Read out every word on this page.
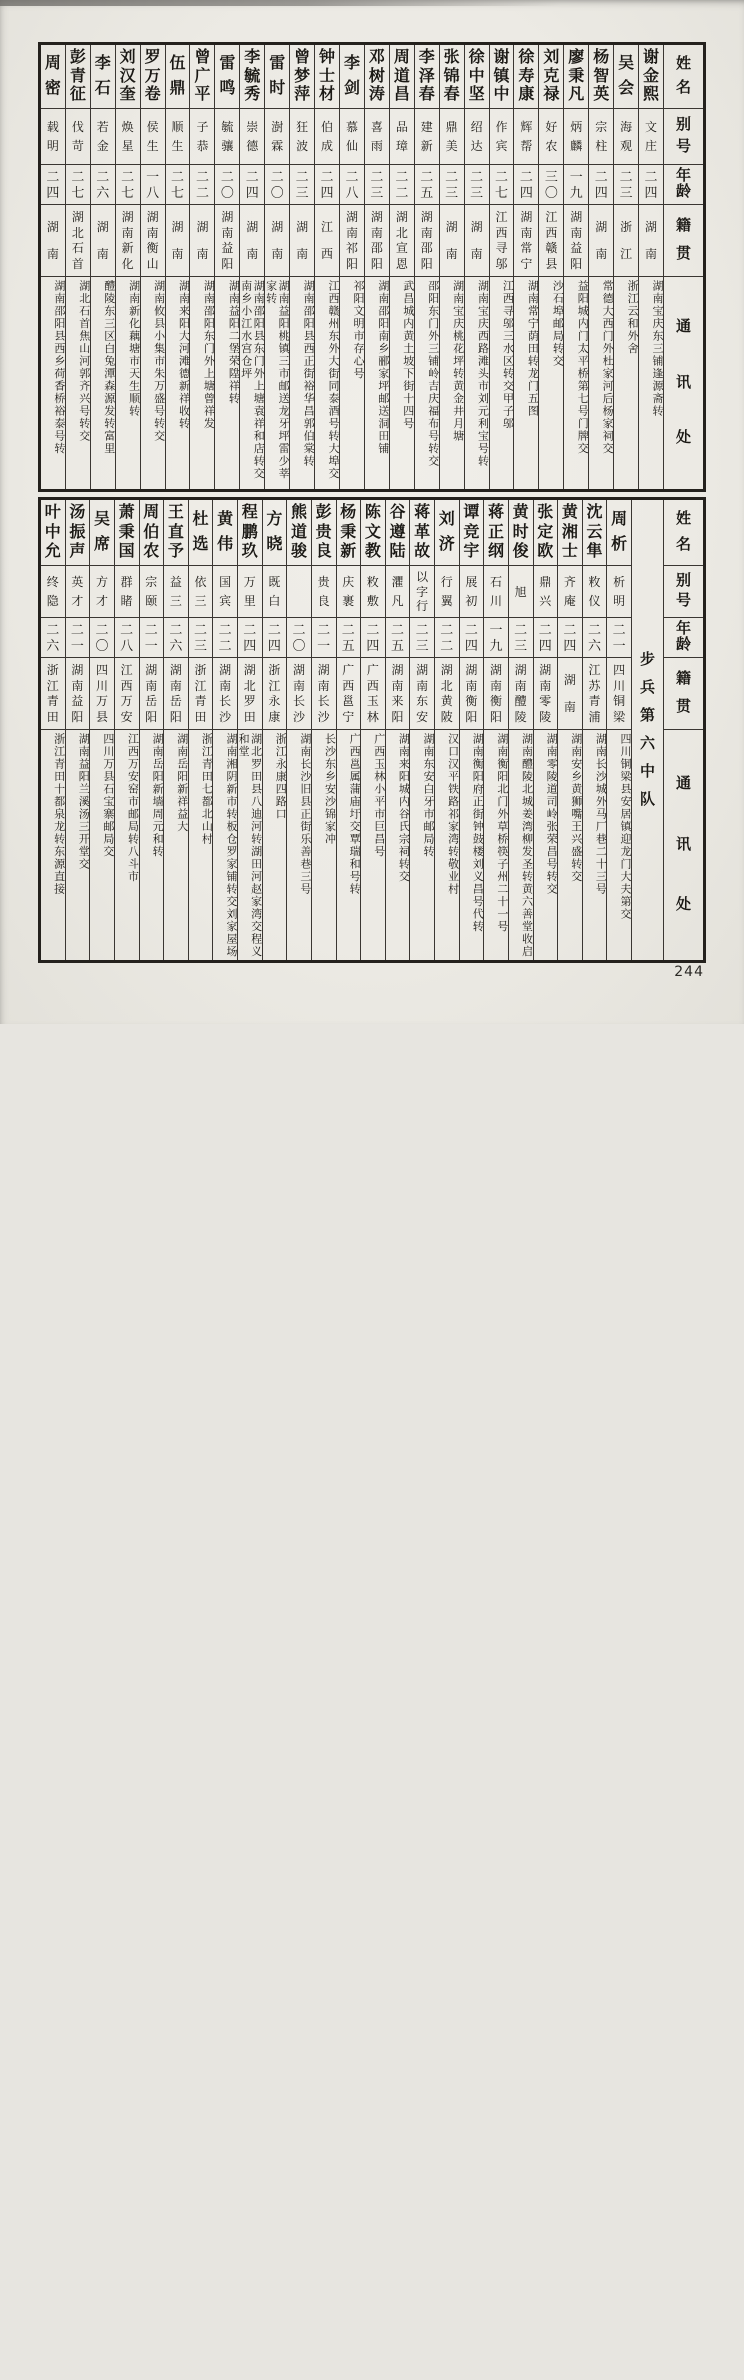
姓
名
别
号
年
龄
籍
贯
通
讯
处
谢
金
熙
文
庄
二
四
湖
南
湖南宝庆东三铺逢源斋转
吴
会
海
观
二
三
浙
江
浙江云和外舍
杨
智
英
宗
柱
二
四
湖
南
常德大西门外杜家河后杨家祠交
廖
秉
凡
炳
麟
一
九
湖
南
益
阳
益阳城内门太平桥第七号门牌交
刘
克
禄
好
农
三
〇
江
西
赣
县
沙石埠邮局转交
徐
寿
康
辉
帮
二
四
湖
南
常
宁
湖南常宁荫田转龙门五图
谢
镇
中
作
宾
二
七
江
西
寻
邬
江西寻邬三水区转交甲子邬
徐
中
坚
绍
达
二
三
湖
南
湖南宝庆西路滩头市刘元利宝号转
张
锦
春
鼎
美
二
三
湖
南
湖南宝庆桃花坪转黄金井月塘
李
泽
春
建
新
二
五
湖
南
邵
阳
邵阳东门外三铺岭吉庆福布号转交
周
道
昌
品
璋
二
二
湖
北
宣
恩
武昌城内黄土坡下街十四号
邓
树
涛
喜
雨
二
三
湖
南
邵
阳
湖南邵阳南乡郦家坪邮送洞田铺
李
剑
慕
仙
二
八
湖
南
祁
阳
祁阳文明市存心号
钟
士
材
伯
成
二
四
江
西
江西赣州东外大街同泰酒号转大埠交
曾
梦
萍
狂
波
二
三
湖
南
湖南邵阳县西正街裕华昌郭伯棠转
雷
时
澍
霖
二
〇
湖
南
湖南益阳桃镇三市邮送龙牙坪雷少莘家转
李
毓
秀
崇
德
二
四
湖
南
湖南邵阳县东门外上塘袁祥和店转交 南乡小江水宫仓坪
雷
鸣
毓
骧
二
〇
湖
南
益
阳
湖南益阳二堡荣陞祥转
曾
广
平
子
恭
二
二
湖
南
湖南邵阳东门外上塘曾祥发
伍
鼎
顺
生
二
七
湖
南
湖南来阳大河滩德新祥收转
罗
万
卷
侯
生
一
八
湖
南
衡
山
湖南攸县小集市朱万盛号转交
刘
汉
奎
焕
星
二
七
湖
南
新
化
湖南新化藕塘市天生顺转
李
石
若
金
二
六
湖
南
醴陵东三区白兔潭森源发转富里
彭
青
征
伐
苛
二
七
湖
北
石
首
湖北石首焦山河郭齐兴号转交
周
密
载
明
二
四
湖
南
湖南邵阳县西乡荷香桥裕泰号转
姓
名
别
号
年
龄
籍
贯
通
讯
处
步
兵
第
六
中
队
周
析
析
明
二
一
四
川
铜
梁
四川铜梁县安居镇迎龙门大夫第交
沈
云
隼
敉
仪
二
六
江
苏
青
浦
湖南长沙城外马厂巷二十三号
黄
湘
士
齐
庵
二
四
湖
南
湖南安乡黄狮嘴王兴盛转交
张
定
欧
鼎
兴
二
四
湖
南
零
陵
湖南零陵道司岭张荣昌号转交
黄
时
俊
旭
二
三
湖
南
醴
陵
湖南醴陵北城姜湾柳发圣转黄六善堂收启
蒋
正
纲
石
川
一
九
湖
南
衡
阳
湖南衡阳北门外草桥筷子州二十一号
谭
竞
宇
展
初
二
四
湖
南
衡
阳
湖南衡阳府正街钟鼓楼刘义昌号代转
刘
济
行
翼
二
二
湖
北
黄
陂
汉口汉平铁路祁家湾转敬业村
蒋
革
故
以
字
行
二
三
湖
南
东
安
湖南东安白牙市邮局转
谷
遵
陆
灈
凡
二
五
湖
南
来
阳
湖南来阳城内谷氏宗祠转交
陈
文
教
敉
敷
二
四
广
西
玉
林
广西玉林小平市巨昌号
杨
秉
新
庆
裹
二
五
广
西
邕
宁
广西邕属蒲庙圩交覃瑞和号转
彭
贵
良
贵
良
二
一
湖
南
长
沙
长沙东乡安沙锦家冲
熊
道
骏
二
〇
湖
南
长
沙
湖南长沙旧县正街乐善巷三号
方
晓
既
白
二
四
浙
江
永
康
浙江永康四路口
程
鹏
玖
万
里
二
四
湖
北
罗
田
湖北罗田县八迪河转湖田河赵家湾交程义和堂
黄
伟
国
宾
二
二
湖
南
长
沙
湖南湘阴新市转板仓罗家铺转交刘家屋场
杜
选
依
三
二
三
浙
江
青
田
浙江青田七都北山村
王
直
予
益
三
二
六
湖
南
岳
阳
湖南岳阳新祥益大
周
伯
农
宗
颐
二
一
湖
南
岳
阳
湖南岳阳新墙周元和转
萧
秉
国
群
睹
二
八
江
西
万
安
江西万安窑市邮局转八斗市
吴
席
方
才
二
〇
四
川
万
县
四川万县石宝寨邮局交
汤
振
声
英
才
二
一
湖
南
益
阳
湖南益阳兰溪汤三开堂交
叶
中
允
终
隐
二
六
浙
江
青
田
浙江青田十都泉龙转东源直接
244
